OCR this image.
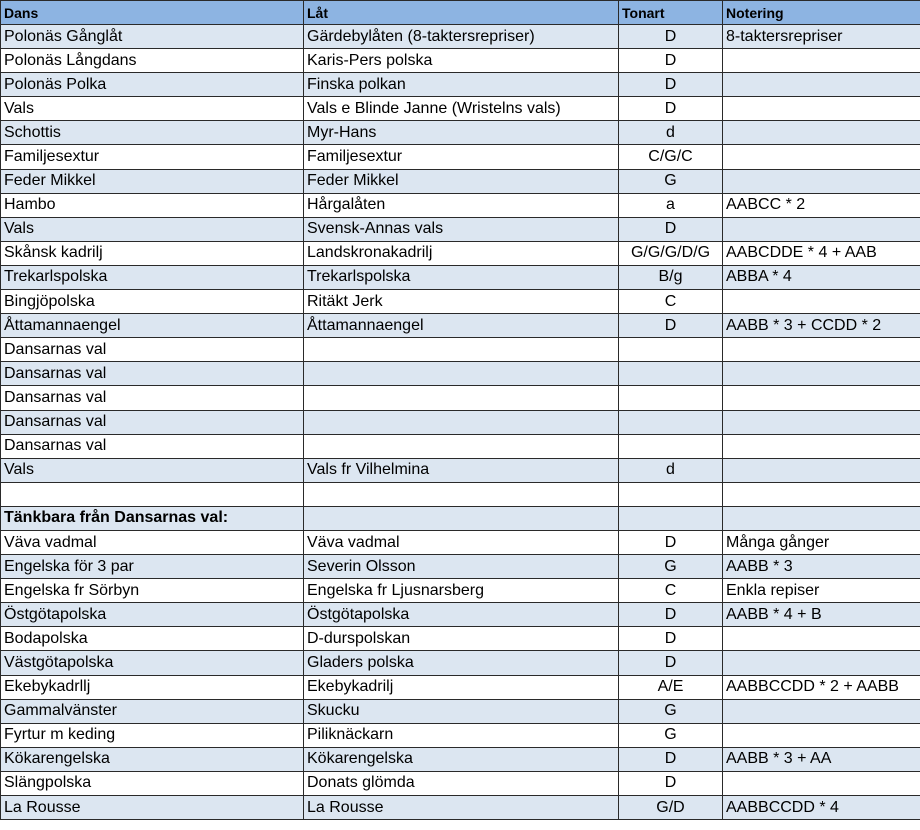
Dans	Låt	Tonart	Notering
Polonäs Gånglåt	Gärdebylåten (8-taktersrepriser)	D	8-taktersrepriser
Polonäs Långdans	Karis-Pers polska	D	
Polonäs Polka	Finska polkan	D	
Vals	Vals e Blinde Janne (Wristelns vals)	D	
Schottis	Myr-Hans	d	
Familjesextur	Familjesextur	C/G/C	
Feder Mikkel	Feder Mikkel	G	
Hambo	Hårgalåten	a	AABCC * 2
Vals	Svensk-Annas vals	D	
Skånsk kadrilj	Landskronakadrilj	G/G/G/D/G	AABCDDE * 4 + AAB
Trekarlspolska	Trekarlspolska	B/g	ABBA * 4
Bingjöpolska	Ritäkt Jerk	C	
Åttamannaengel	Åttamannaengel	D	AABB * 3 + CCDD * 2
Dansarnas val			
Dansarnas val			
Dansarnas val			
Dansarnas val			
Dansarnas val			
Vals	Vals fr Vilhelmina	d	

Tänkbara från Dansarnas val:			
Väva vadmal	Väva vadmal	D	Många gånger
Engelska för 3 par	Severin Olsson	G	AABB * 3
Engelska fr Sörbyn	Engelska fr Ljusnarsberg	C	Enkla repiser
Östgötapolska	Östgötapolska	D	AABB * 4 + B
Bodapolska	D-durspolskan	D	
Västgötapolska	Gladers polska	D	
Ekebykadrllj	Ekebykadrilj	A/E	AABBCCDD * 2 + AABB
Gammalvänster	Skucku	G	
Fyrtur m keding	Piliknäckarn	G	
Kökarengelska	Kökarengelska	D	AABB * 3 + AA
Slängpolska	Donats glömda	D	
La Rousse	La Rousse	G/D	AABBCCDD * 4
